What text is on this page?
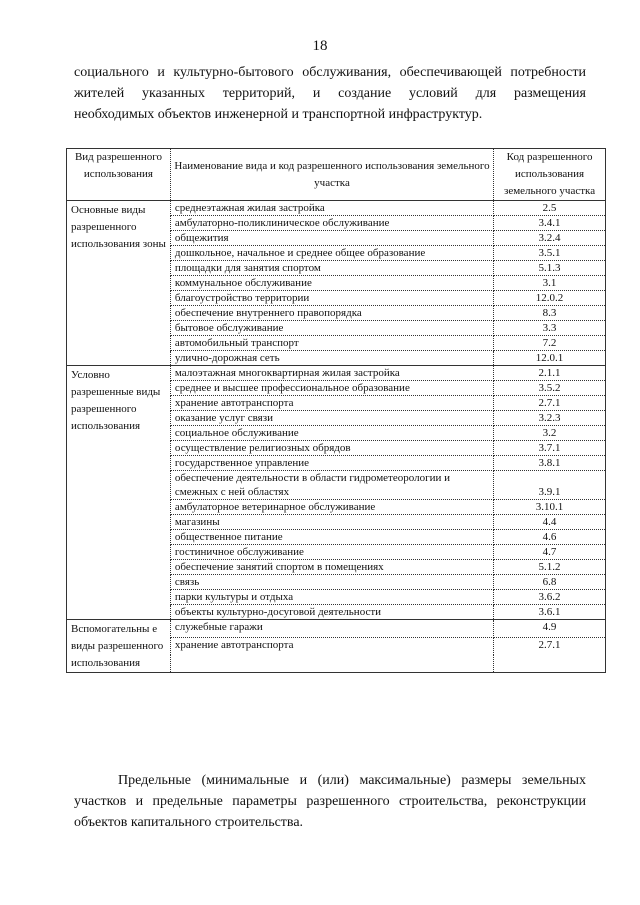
18
социального и культурно-бытового обслуживания, обеспечивающей потребности
жителей указанных территорий, и создание условий для размещения
необходимых объектов инженерной и транспортной инфраструктур.
Вид разрешенного использования	Наименование вида и код разрешенного использования земельного участка	Код разрешенного использования земельного участка
Основные виды разрешенного использования зоны	среднеэтажная жилая застройка	2.5
	амбулаторно-поликлиническое обслуживание	3.4.1
	общежития	3.2.4
	дошкольное, начальное и среднее общее образование	3.5.1
	площадки для занятия спортом	5.1.3
	коммунальное обслуживание	3.1
	благоустройство территории	12.0.2
	обеспечение внутреннего правопорядка	8.3
	бытовое обслуживание	3.3
	автомобильный транспорт	7.2
	улично-дорожная сеть	12.0.1
Условно разрешенные виды разрешенного использования	малоэтажная многоквартирная жилая застройка	2.1.1
	среднее и высшее профессиональное образование	3.5.2
	хранение автотранспорта	2.7.1
	оказание услуг связи	3.2.3
	социальное обслуживание	3.2
	осуществление религиозных обрядов	3.7.1
	государственное управление	3.8.1
	обеспечение деятельности в области гидрометеорологии и смежных с ней областях	3.9.1
	амбулаторное ветеринарное обслуживание	3.10.1
	магазины	4.4
	общественное питание	4.6
	гостиничное обслуживание	4.7
	обеспечение занятий спортом в помещениях	5.1.2
	связь	6.8
	парки культуры и отдыха	3.6.2
	объекты культурно-досуговой деятельности	3.6.1
Вспомогательны е виды разрешенного использования	служебные гаражи	4.9
	хранение автотранспорта	2.7.1

Предельные (минимальные и (или) максимальные) размеры земельных
участков и предельные параметры разрешенного строительства, реконструкции
объектов капитального строительства.
